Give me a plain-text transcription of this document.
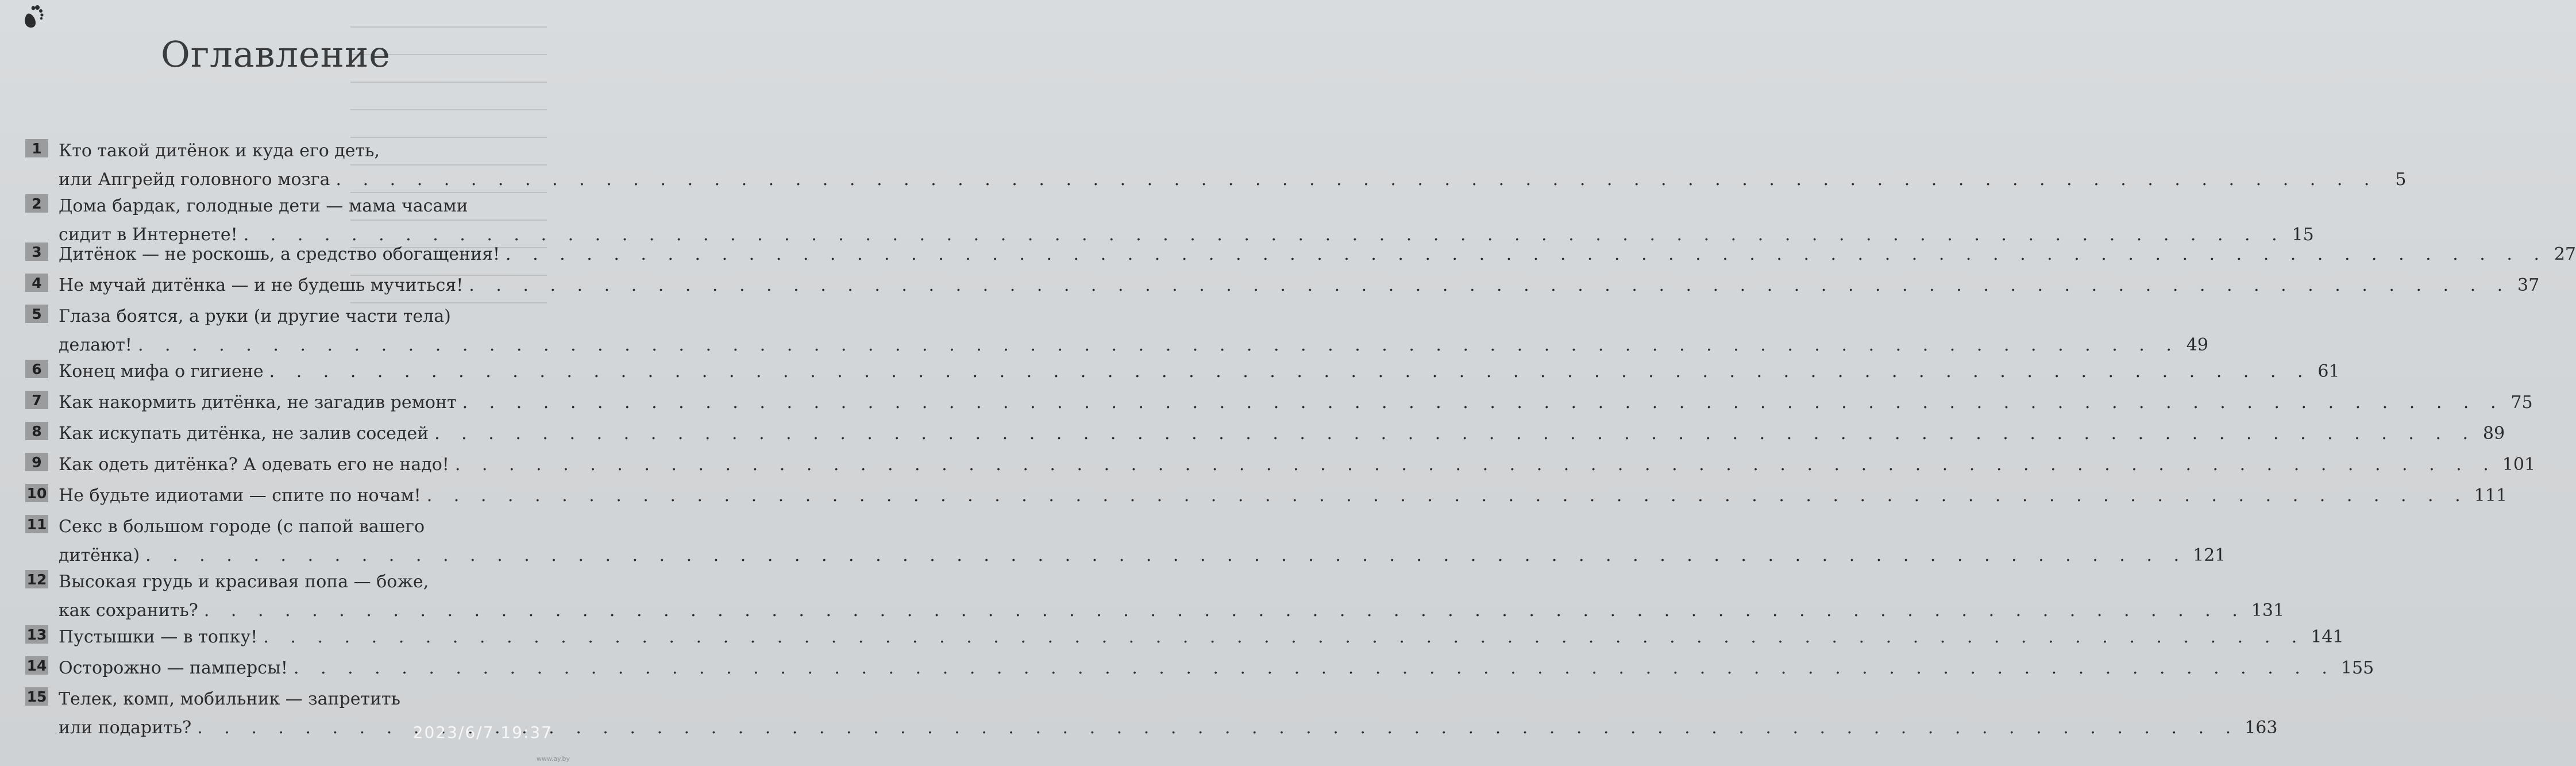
Оглавление
1 Кто такой дитёнок и куда его деть,
или Апгрейд головного мозга . . .	5
2 Дома бардак, голодные дети — мама часами
сидит в Интернете! . . .	15
3 Дитёнок — не роскошь, а средство обогащения! . . .	27
4 Не мучай дитёнка — и не будешь мучиться! . . .	37
5 Глаза боятся, а руки (и другие части тела)
делают! . . .	49
6 Конец мифа о гигиене . . .	61
7 Как накормить дитёнка, не загадив ремонт . . .	75
8 Как искупать дитёнка, не залив соседей . . .	89
9 Как одеть дитёнка? А одевать его не надо! . . .	101
10 Не будьте идиотами — спите по ночам! . . .	111
11 Секс в большом городе (с папой вашего
дитёнка) . . .	121
12 Высокая грудь и красивая попа — боже,
как сохранить? . . .	131
13 Пустышки — в топку! . . .	141
14 Осторожно — памперсы! . . .	155
15 Телек, комп, мобильник — запретить
или подарить? . . .	163
2023/6/7 19:37
www.ay.by
